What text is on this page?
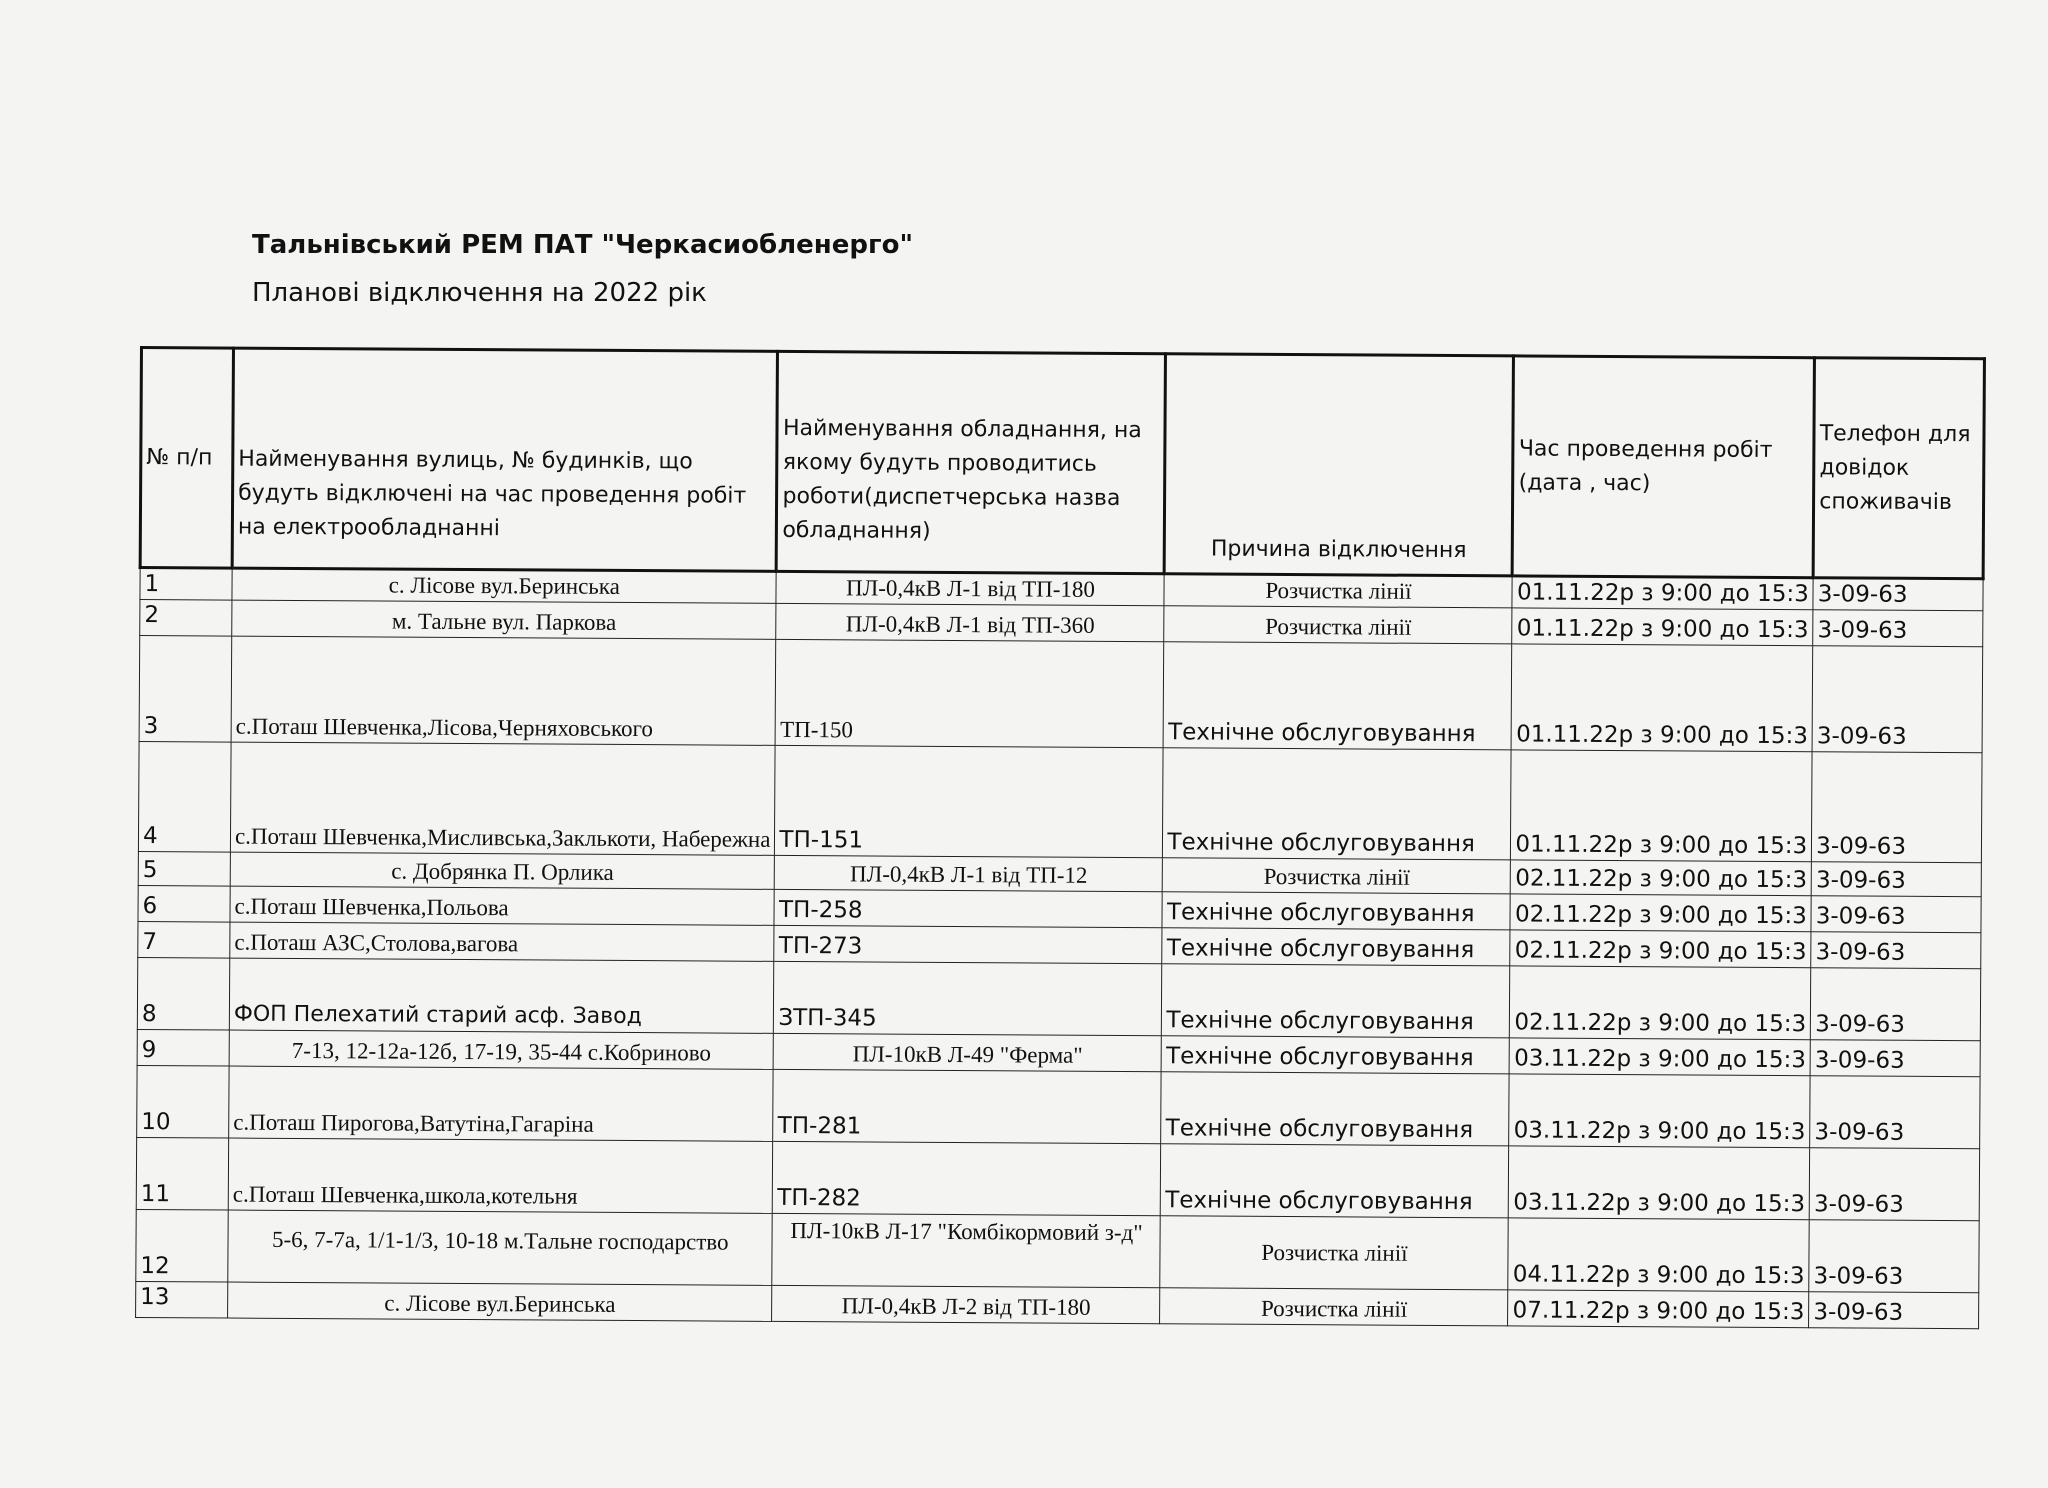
Тальнівський РЕМ ПАТ "Черкасиобленерго"
Планові відключення на 2022 рік
№ п/п	Найменування вулиць, № будинків, що будуть відключені на час проведення робіт на електрообладнанні	Найменування обладнання, на якому будуть проводитись роботи(диспетчерська назва обладнання)	Причина відключення	Час проведення робіт (дата , час)	Телефон для довідок споживачів
1	с. Лісове вул.Беринська	ПЛ-0,4кВ Л-1 від ТП-180	Розчистка лінії	01.11.22р з 9:00 до 15:3	3-09-63
2	м. Тальне вул. Паркова	ПЛ-0,4кВ Л-1 від ТП-360	Розчистка лінії	01.11.22р з 9:00 до 15:3	3-09-63
3	с.Поташ Шевченка,Лісова,Черняховського	ТП-150	Технічне обслуговування	01.11.22р з 9:00 до 15:3	3-09-63
4	с.Поташ Шевченка,Мисливська,Заклькоти, Набережна	ТП-151	Технічне обслуговування	01.11.22р з 9:00 до 15:3	3-09-63
5	с. Добрянка П. Орлика	ПЛ-0,4кВ Л-1 від ТП-12	Розчистка лінії	02.11.22р з 9:00 до 15:3	3-09-63
6	с.Поташ Шевченка,Польова	ТП-258	Технічне обслуговування	02.11.22р з 9:00 до 15:3	3-09-63
7	с.Поташ АЗС,Столова,вагова	ТП-273	Технічне обслуговування	02.11.22р з 9:00 до 15:3	3-09-63
8	ФОП Пелехатий старий асф. Завод	ЗТП-345	Технічне обслуговування	02.11.22р з 9:00 до 15:3	3-09-63
9	7-13, 12-12а-12б, 17-19, 35-44 с.Кобриново	ПЛ-10кВ Л-49 "Ферма"	Технічне обслуговування	03.11.22р з 9:00 до 15:3	3-09-63
10	с.Поташ Пирогова,Ватутіна,Гагаріна	ТП-281	Технічне обслуговування	03.11.22р з 9:00 до 15:3	3-09-63
11	с.Поташ Шевченка,школа,котельня	ТП-282	Технічне обслуговування	03.11.22р з 9:00 до 15:3	3-09-63
12	5-6, 7-7а, 1/1-1/3, 10-18 м.Тальне господарство	ПЛ-10кВ Л-17 "Комбікормовий з-д"	Розчистка лінії	04.11.22р з 9:00 до 15:3	3-09-63
13	с. Лісове вул.Беринська	ПЛ-0,4кВ Л-2 від ТП-180	Розчистка лінії	07.11.22р з 9:00 до 15:3	3-09-63
